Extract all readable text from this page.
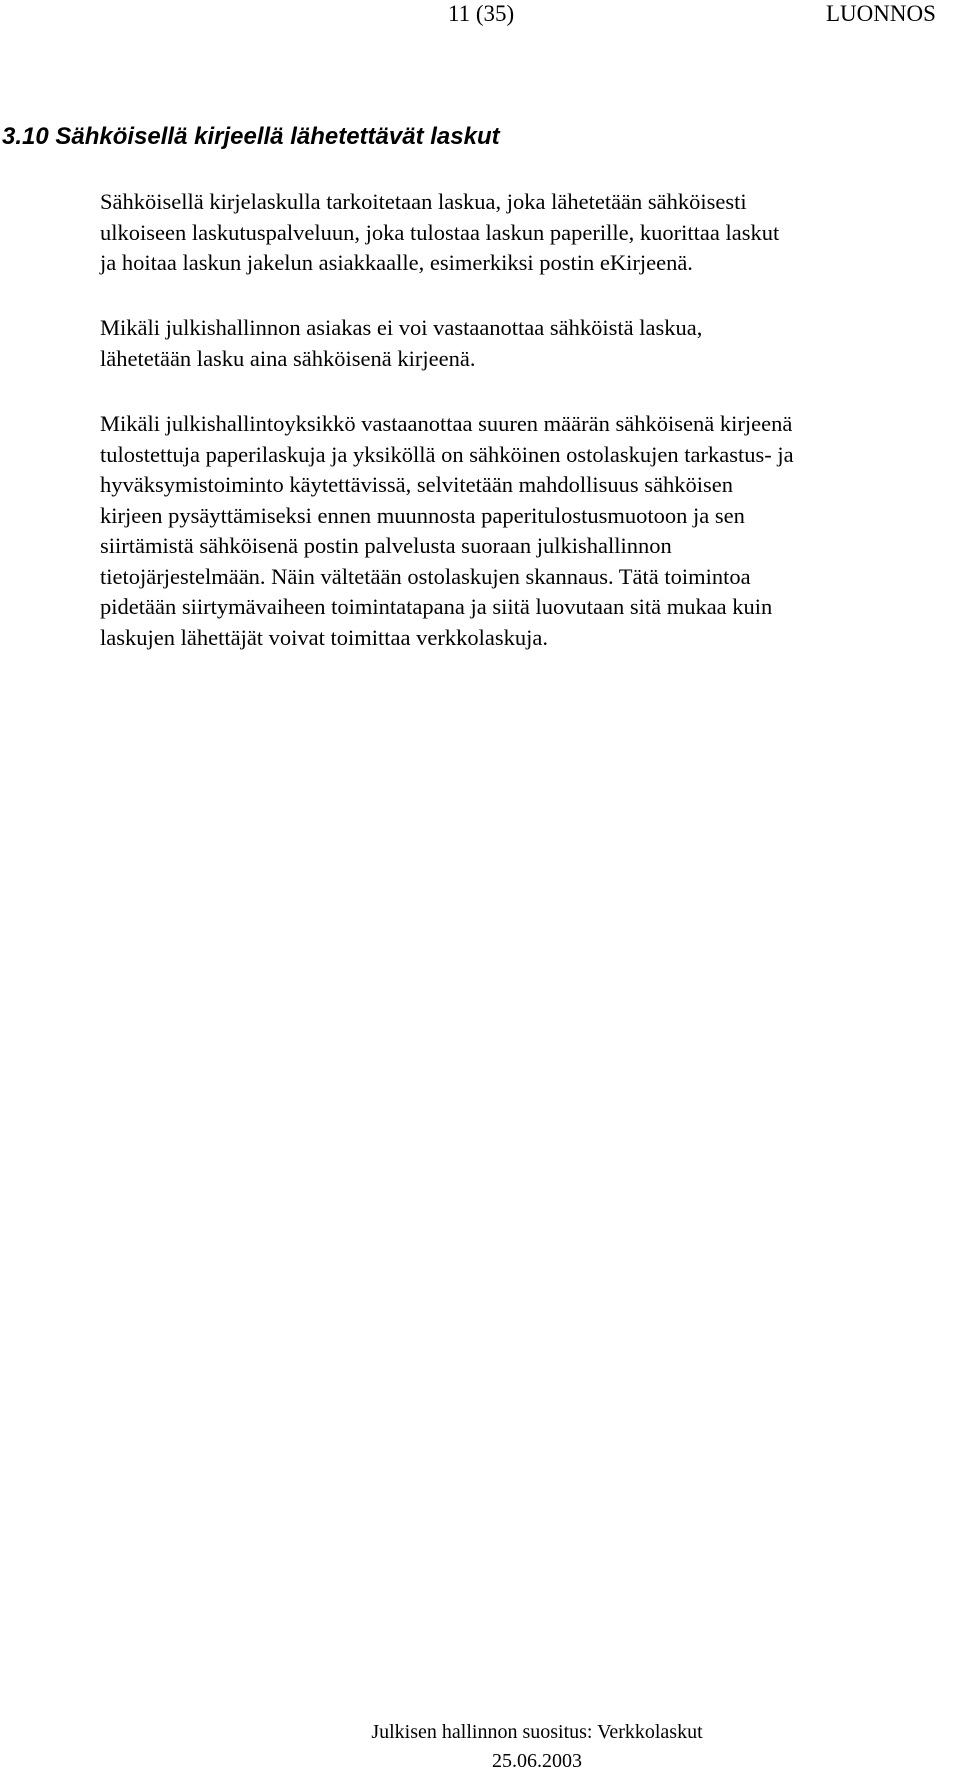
11 (35)	LUONNOS
3.10 Sähköisellä kirjeellä lähetettävät laskut

Sähköisellä kirjelaskulla tarkoitetaan laskua, joka lähetetään sähköisesti
ulkoiseen laskutuspalveluun, joka tulostaa laskun paperille, kuorittaa laskut
ja hoitaa laskun jakelun asiakkaalle, esimerkiksi postin eKirjeenä.

Mikäli julkishallinnon asiakas ei voi vastaanottaa sähköistä laskua,
lähetetään lasku aina sähköisenä kirjeenä.

Mikäli julkishallintoyksikkö vastaanottaa suuren määrän sähköisenä kirjeenä
tulostettuja paperilaskuja ja yksiköllä on sähköinen ostolaskujen tarkastus- ja
hyväksymistoiminto käytettävissä, selvitetään mahdollisuus sähköisen
kirjeen pysäyttämiseksi ennen muunnosta paperitulostusmuotoon ja sen
siirtämistä sähköisenä postin palvelusta suoraan julkishallinnon
tietojärjestelmään. Näin vältetään ostolaskujen skannaus. Tätä toimintoa
pidetään siirtymävaiheen toimintatapana ja siitä luovutaan sitä mukaa kuin
laskujen lähettäjät voivat toimittaa verkkolaskuja.

Julkisen hallinnon suositus: Verkkolaskut
25.06.2003
